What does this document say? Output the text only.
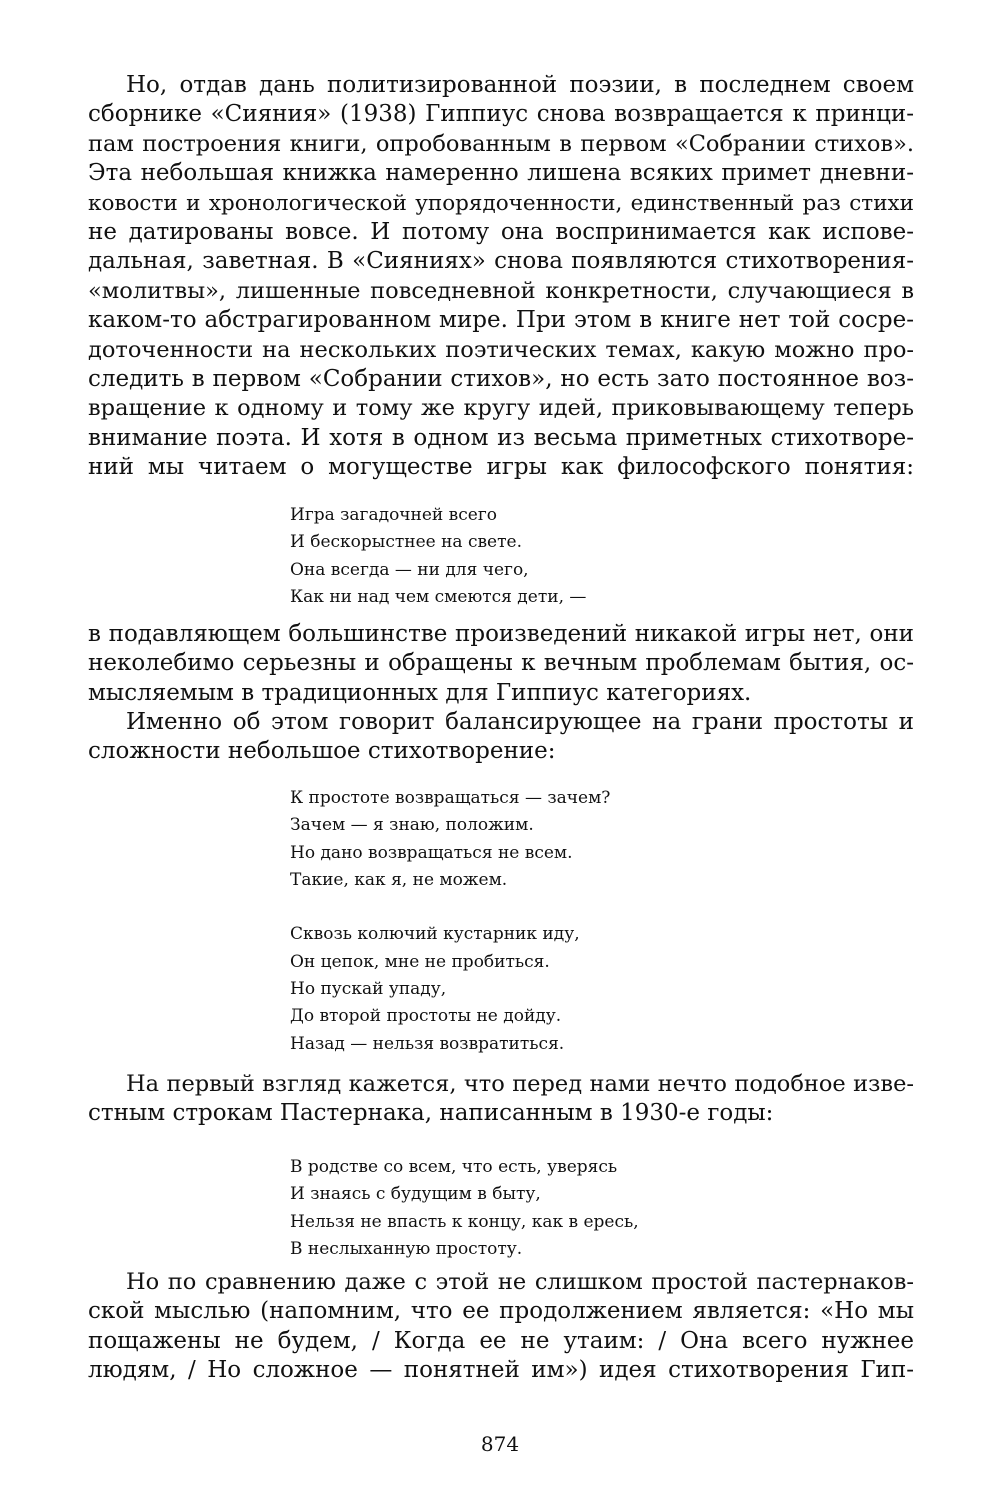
Но, отдав дань политизированной поэзии, в последнем своем
сборнике «Сияния» (1938) Гиппиус снова возвращается к принци-
пам построения книги, опробованным в первом «Собрании стихов».
Эта небольшая книжка намеренно лишена всяких примет дневни-
ковости и хронологической упорядоченности, единственный раз стихи
не датированы вовсе. И потому она воспринимается как испове-
дальная, заветная. В «Сияниях» снова появляются стихотворения-
«молитвы», лишенные повседневной конкретности, случающиеся в
каком-то абстрагированном мире. При этом в книге нет той сосре-
доточенности на нескольких поэтических темах, какую можно про-
следить в первом «Собрании стихов», но есть зато постоянное воз-
вращение к одному и тому же кругу идей, приковывающему теперь
внимание поэта. И хотя в одном из весьма приметных стихотворе-
ний мы читаем о могуществе игры как философского понятия:
Игра загадочней всего
И бескорыстнее на свете.
Она всегда — ни для чего,
Как ни над чем смеются дети, —
в подавляющем большинстве произведений никакой игры нет, они
неколебимо серьезны и обращены к вечным проблемам бытия, ос-
мысляемым в традиционных для Гиппиус категориях.
Именно об этом говорит балансирующее на грани простоты и
сложности небольшое стихотворение:
К простоте возвращаться — зачем?
Зачем — я знаю, положим.
Но дано возвращаться не всем.
Такие, как я, не можем.
Сквозь колючий кустарник иду,
Он цепок, мне не пробиться.
Но пускай упаду,
До второй простоты не дойду.
Назад — нельзя возвратиться.
На первый взгляд кажется, что перед нами нечто подобное изве-
стным строкам Пастернака, написанным в 1930-е годы:
В родстве со всем, что есть, уверясь
И знаясь с будущим в быту,
Нельзя не впасть к концу, как в ересь,
В неслыханную простоту.
Но по сравнению даже с этой не слишком простой пастернаков-
ской мыслью (напомним, что ее продолжением является: «Но мы
пощажены не будем, / Когда ее не утаим: / Она всего нужнее
людям, / Но сложное — понятней им») идея стихотворения Гип-
874
